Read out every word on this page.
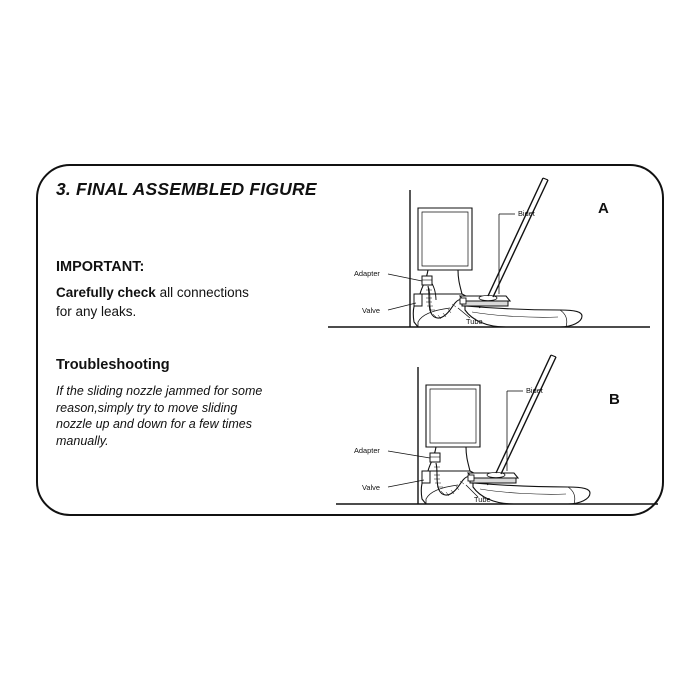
3. FINAL ASSEMBLED FIGURE
IMPORTANT:
Carefully check all connections
for any leaks.
Troubleshooting
If the sliding nozzle jammed for some reason,simply try to move sliding nozzle up and down for a few times manually.
A
B
Bidet
Adapter
Valve
Tube
Bidet
Adapter
Valve
Tube
